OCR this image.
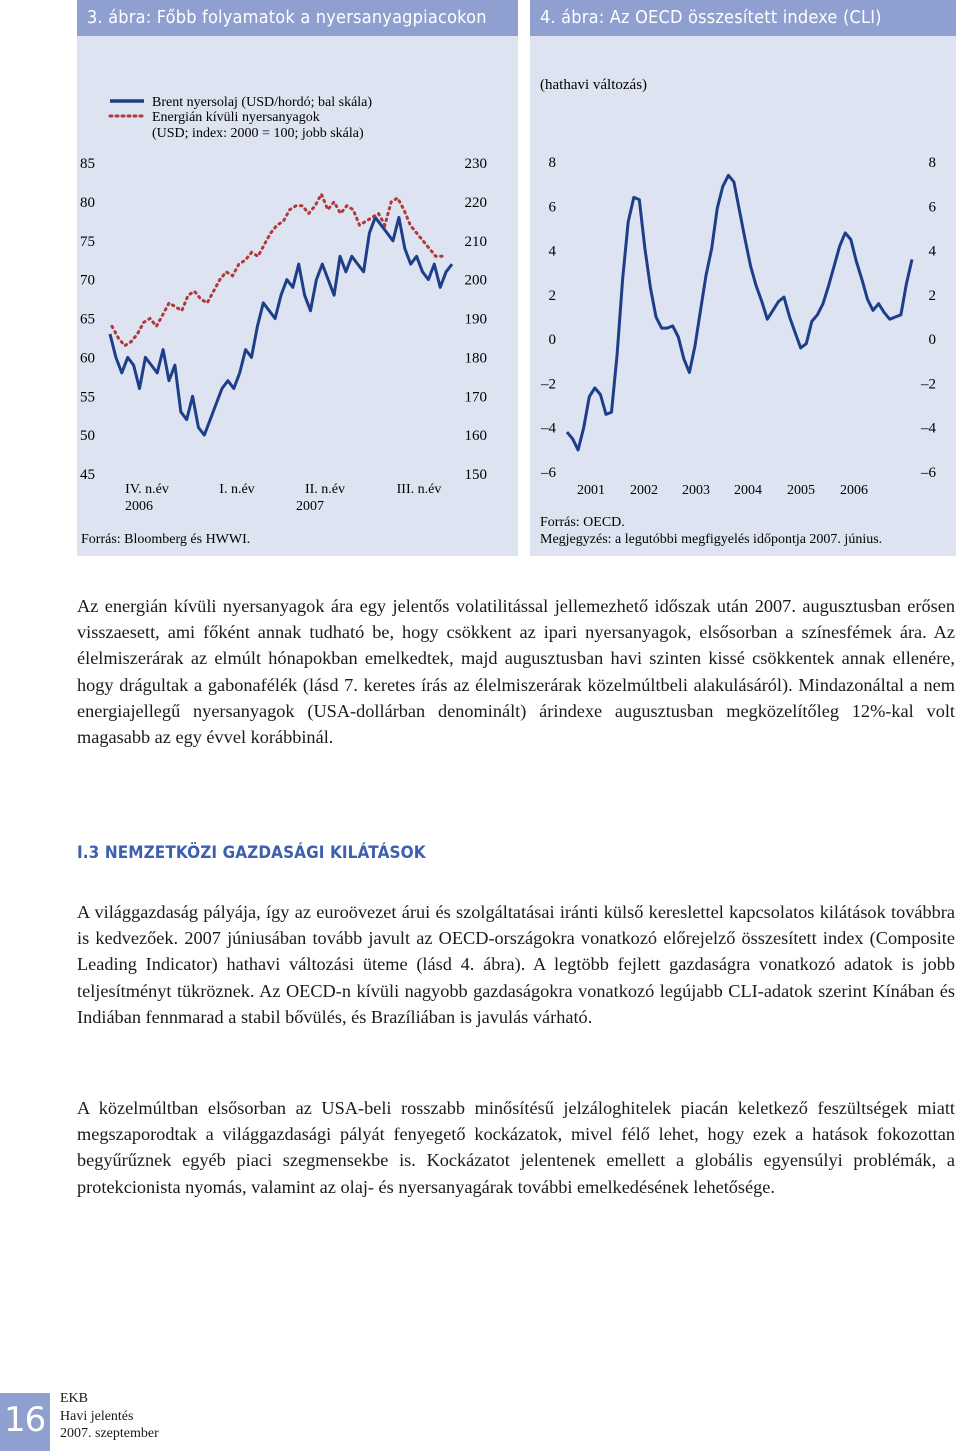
3. ábra: Főbb folyamatok a nyersanyagpiacokon
Brent nyersolaj (USD/hordó; bal skála)
Energián kívüli nyersanyagok
(USD; index: 2000 = 100; jobb skála)
85
80
75
70
65
60
55
50
45
230
220
210
200
190
180
170
160
150
IV. n.év	I. n.év	II. n.év	III. n.év
2006	2007
Forrás: Bloomberg és HWWI.
4. ábra: Az OECD összesített indexe (CLI)
(hathavi változás)
8
6
4
2
0
–2
–4
–6
8
6
4
2
0
–2
–4
–6
2001 2002 2003 2004 2005 2006
Forrás: OECD.
Megjegyzés: a legutóbbi megfigyelés időpontja 2007. június.

Az energián kívüli nyersanyagok ára egy jelentős volatilitással jellemezhető időszak után 2007. augusztusban erősen visszaesett, ami főként annak tudható be, hogy csökkent az ipari nyersanyagok, elsősorban a színesfémek ára. Az élelmiszerárak az elmúlt hónapokban emelkedtek, majd augusztusban havi szinten kissé csökkentek annak ellenére, hogy drágultak a gabonafélék (lásd 7. keretes írás az élelmiszerárak közelmúltbeli alakulásáról). Mindazonáltal a nem energiajellegű nyersanyagok (USA-dollárban denominált) árindexe augusztusban megközelítőleg 12%-kal volt magasabb az egy évvel korábbinál.

I.3 NEMZETKÖZI GAZDASÁGI KILÁTÁSOK

A világgazdaság pályája, így az euroövezet árui és szolgáltatásai iránti külső kereslettel kapcsolatos kilátások továbbra is kedvezőek. 2007 júniusában tovább javult az OECD-országokra vonatkozó előrejelző összesített index (Composite Leading Indicator) hathavi változási üteme (lásd 4. ábra). A legtöbb fejlett gazdaságra vonatkozó adatok is jobb teljesítményt tükröznek. Az OECD-n kívüli nagyobb gazdaságokra vonatkozó legújabb CLI-adatok szerint Kínában és Indiában fennmarad a stabil bővülés, és Brazíliában is javulás várható.

A közelmúltban elsősorban az USA-beli rosszabb minősítésű jelzáloghitelek piacán keletkező feszültségek miatt megszaporodtak a világgazdasági pályát fenyegető kockázatok, mivel félő lehet, hogy ezek a hatások fokozottan begyűrűznek egyéb piaci szegmensekbe is. Kockázatot jelentenek emellett a globális egyensúlyi problémák, a protekcionista nyomás, valamint az olaj- és nyersanyagárak további emelkedésének lehetősége.

16
EKB
Havi jelentés
2007. szeptember
